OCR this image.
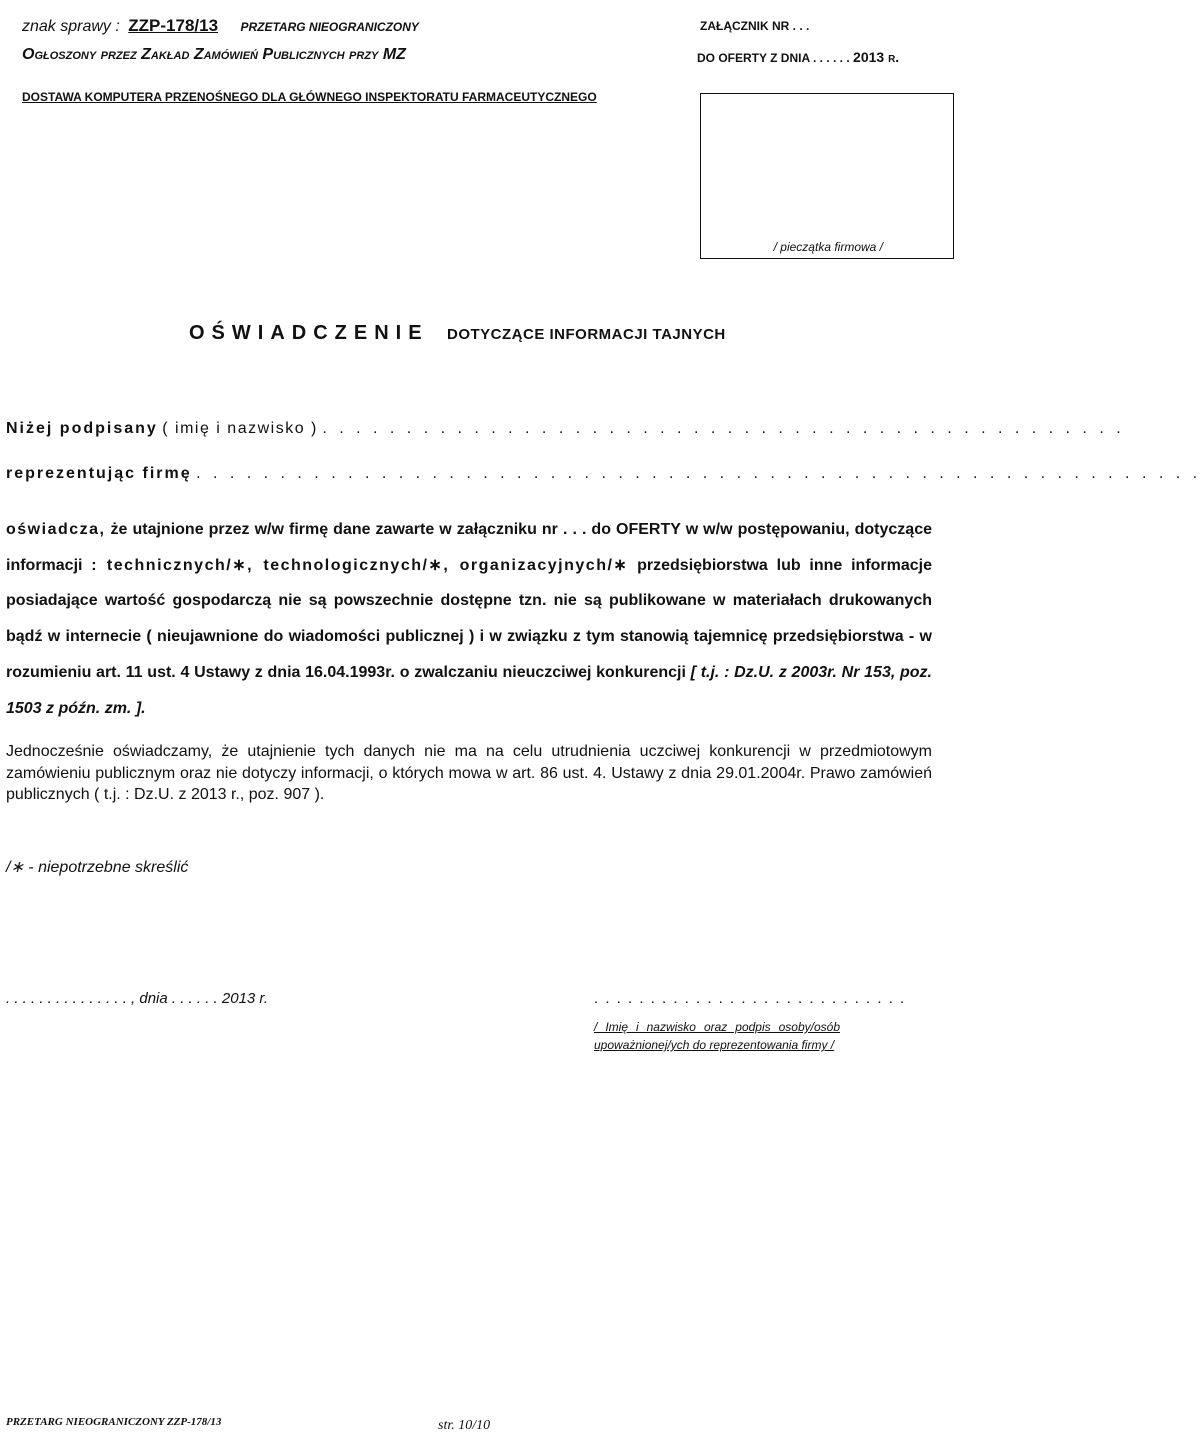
znak sprawy : ZZP-178/13 PRZETARG NIEOGRANICZONY	ZAŁĄCZNIK NR . . .
Ogłoszony przez Zakład Zamówień Publicznych przy MZ	DO OFERTY Z DNIA . . . . . . 2013 r.
DOSTAWA KOMPUTERA PRZENOŚNEGO DLA GŁÓWNEGO INSPEKTORATU FARMACEUTYCZNEGO
/ pieczątka firmowa /
OŚWIADCZENIE DOTYCZĄCE INFORMACJI TAJNYCH
Niżej podpisany ( imię i nazwisko ) . . . . . . . . . . . . . . . . . . . . . . . . . . . . . . . . . . . . . . . . . . . . . . . .
reprezentując firmę . . . . . . . . . . . . . . . . . . . . . . . . . . . . . . . . . . . . . . . . . . . . . . . . . . . . . . . . . . . .
oświadcza, że utajnione przez w/w firmę dane zawarte w załączniku nr . . . do OFERTY w w/w postępowaniu, dotyczące informacji : technicznych/∗, technologicznych/∗, organizacyjnych/∗ przedsiębiorstwa lub inne informacje posiadające wartość gospodarczą nie są powszechnie dostępne tzn. nie są publikowane w materiałach drukowanych bądź w internecie ( nieujawnione do wiadomości publicznej ) i w związku z tym stanowią tajemnicę przedsiębiorstwa - w rozumieniu art. 11 ust. 4 Ustawy z dnia 16.04.1993r. o zwalczaniu nieuczciwej konkurencji [ t.j. : Dz.U. z 2003r. Nr 153, poz. 1503 z późn. zm. ].
Jednocześnie oświadczamy, że utajnienie tych danych nie ma na celu utrudnienia uczciwej konkurencji w przedmiotowym zamówieniu publicznym oraz nie dotyczy informacji, o których mowa w art. 86 ust. 4. Ustawy z dnia 29.01.2004r. Prawo zamówień publicznych ( t.j. : Dz.U. z 2013 r., poz. 907 ).
/∗ - niepotrzebne skreślić
. . . . . . . . . . . . . . . , dnia . . . . . . 2013 r.	. . . . . . . . . . . . . . . . . . . . . . . . . . . .
/ Imię i nazwisko oraz podpis osoby/osób upoważnionej/ych do reprezentowania firmy /
PRZETARG NIEOGRANICZONY ZZP-178/13	str. 10/10
